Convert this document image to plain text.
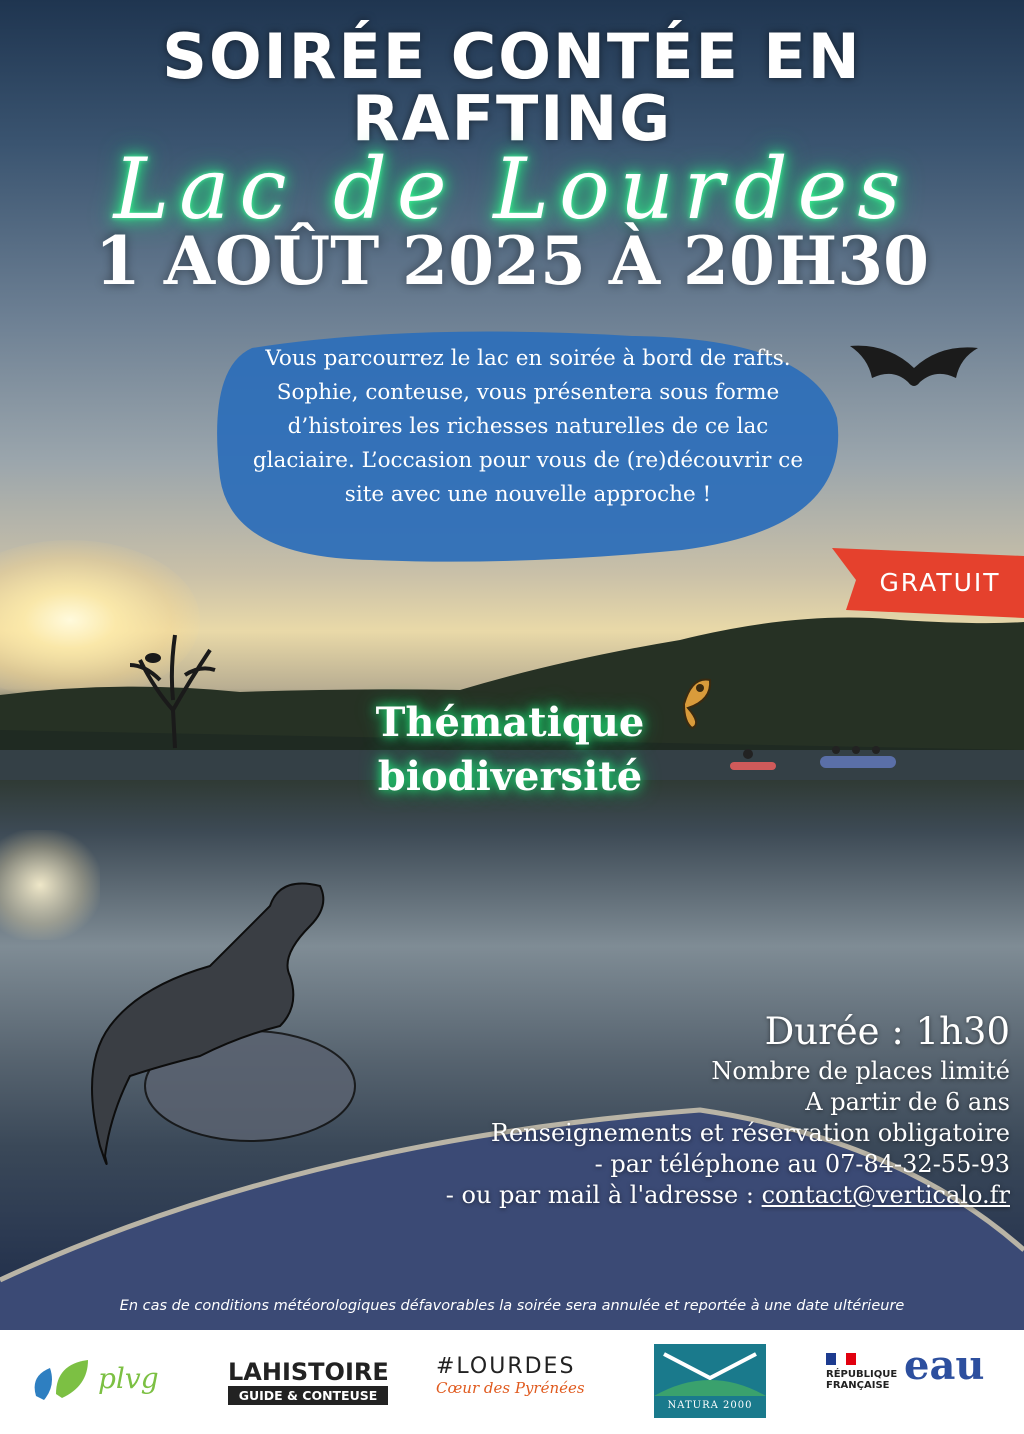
SOIRÉE CONTÉE EN
RAFTING
Lac de Lourdes
1 AOÛT 2025 À 20H30
Vous parcourrez le lac en soirée à bord de rafts. Sophie, conteuse, vous présentera sous forme d’histoires les richesses naturelles de ce lac glaciaire. L’occasion pour vous de (re)découvrir ce site avec une nouvelle approche !
GRATUIT
Thématique
biodiversité
Durée : 1h30
Nombre de places limité
A partir de 6 ans
Renseignements et réservation obligatoire
- par téléphone au 07-84-32-55-93
- ou par mail à l'adresse : contact@verticalo.fr
En cas de conditions météorologiques défavorables la soirée sera annulée et reportée à une date ultérieure
plvg	LAHISTOIRE
GUIDE & CONTEUSE
#LOURDES
Cœur des Pyrénées
NATURA 2000
RÉPUBLIQUE FRANÇAISE eau
